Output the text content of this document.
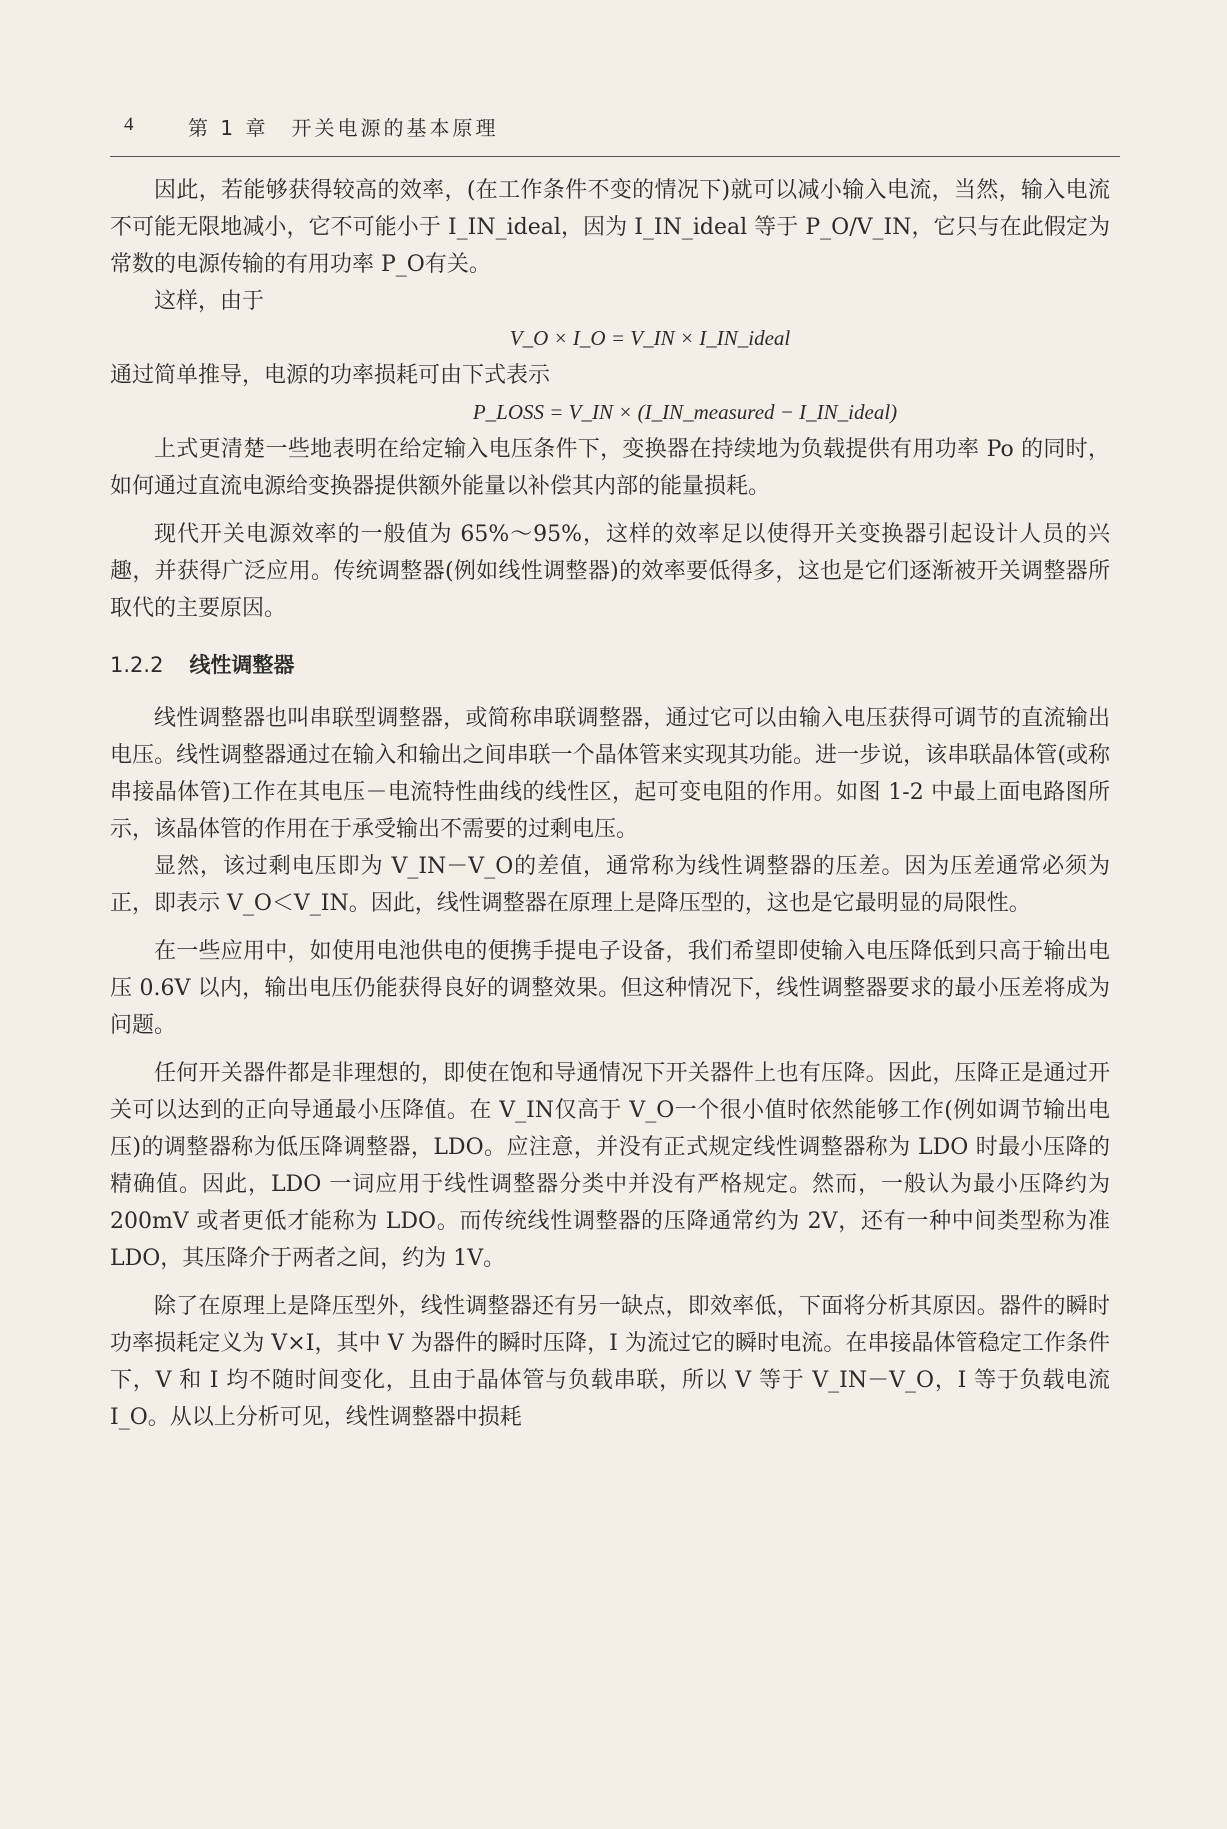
4	第 1 章　开关电源的基本原理

因此，若能够获得较高的效率，(在工作条件不变的情况下)就可以减小输入电流，当然，输入电流不可能无限地减小，它不可能小于 I_IN_ideal，因为 I_IN_ideal 等于 P_O/V_IN，它只与在此假定为常数的电源传输的有用功率 P_O有关。

这样，由于

V_O × I_O = V_IN × I_IN_ideal

通过简单推导，电源的功率损耗可由下式表示

P_LOSS = V_IN × (I_IN_measured − I_IN_ideal)

上式更清楚一些地表明在给定输入电压条件下，变换器在持续地为负载提供有用功率 Po 的同时，如何通过直流电源给变换器提供额外能量以补偿其内部的能量损耗。

现代开关电源效率的一般值为 65%～95%，这样的效率足以使得开关变换器引起设计人员的兴趣，并获得广泛应用。传统调整器(例如线性调整器)的效率要低得多，这也是它们逐渐被开关调整器所取代的主要原因。

1.2.2 线性调整器

线性调整器也叫串联型调整器，或简称串联调整器，通过它可以由输入电压获得可调节的直流输出电压。线性调整器通过在输入和输出之间串联一个晶体管来实现其功能。进一步说，该串联晶体管(或称串接晶体管)工作在其电压－电流特性曲线的线性区，起可变电阻的作用。如图 1-2 中最上面电路图所示，该晶体管的作用在于承受输出不需要的过剩电压。

显然，该过剩电压即为 V_IN－V_O的差值，通常称为线性调整器的压差。因为压差通常必须为正，即表示 V_O＜V_IN。因此，线性调整器在原理上是降压型的，这也是它最明显的局限性。

在一些应用中，如使用电池供电的便携手提电子设备，我们希望即使输入电压降低到只高于输出电压 0.6V 以内，输出电压仍能获得良好的调整效果。但这种情况下，线性调整器要求的最小压差将成为问题。

任何开关器件都是非理想的，即使在饱和导通情况下开关器件上也有压降。因此，压降正是通过开关可以达到的正向导通最小压降值。在 V_IN仅高于 V_O一个很小值时依然能够工作(例如调节输出电压)的调整器称为低压降调整器，LDO。应注意，并没有正式规定线性调整器称为 LDO 时最小压降的精确值。因此，LDO 一词应用于线性调整器分类中并没有严格规定。然而，一般认为最小压降约为 200mV 或者更低才能称为 LDO。而传统线性调整器的压降通常约为 2V，还有一种中间类型称为准 LDO，其压降介于两者之间，约为 1V。

除了在原理上是降压型外，线性调整器还有另一缺点，即效率低，下面将分析其原因。器件的瞬时功率损耗定义为 V×I，其中 V 为器件的瞬时压降，I 为流过它的瞬时电流。在串接晶体管稳定工作条件下，V 和 I 均不随时间变化，且由于晶体管与负载串联，所以 V 等于 V_IN－V_O，I 等于负载电流 I_O。从以上分析可见，线性调整器中损耗
